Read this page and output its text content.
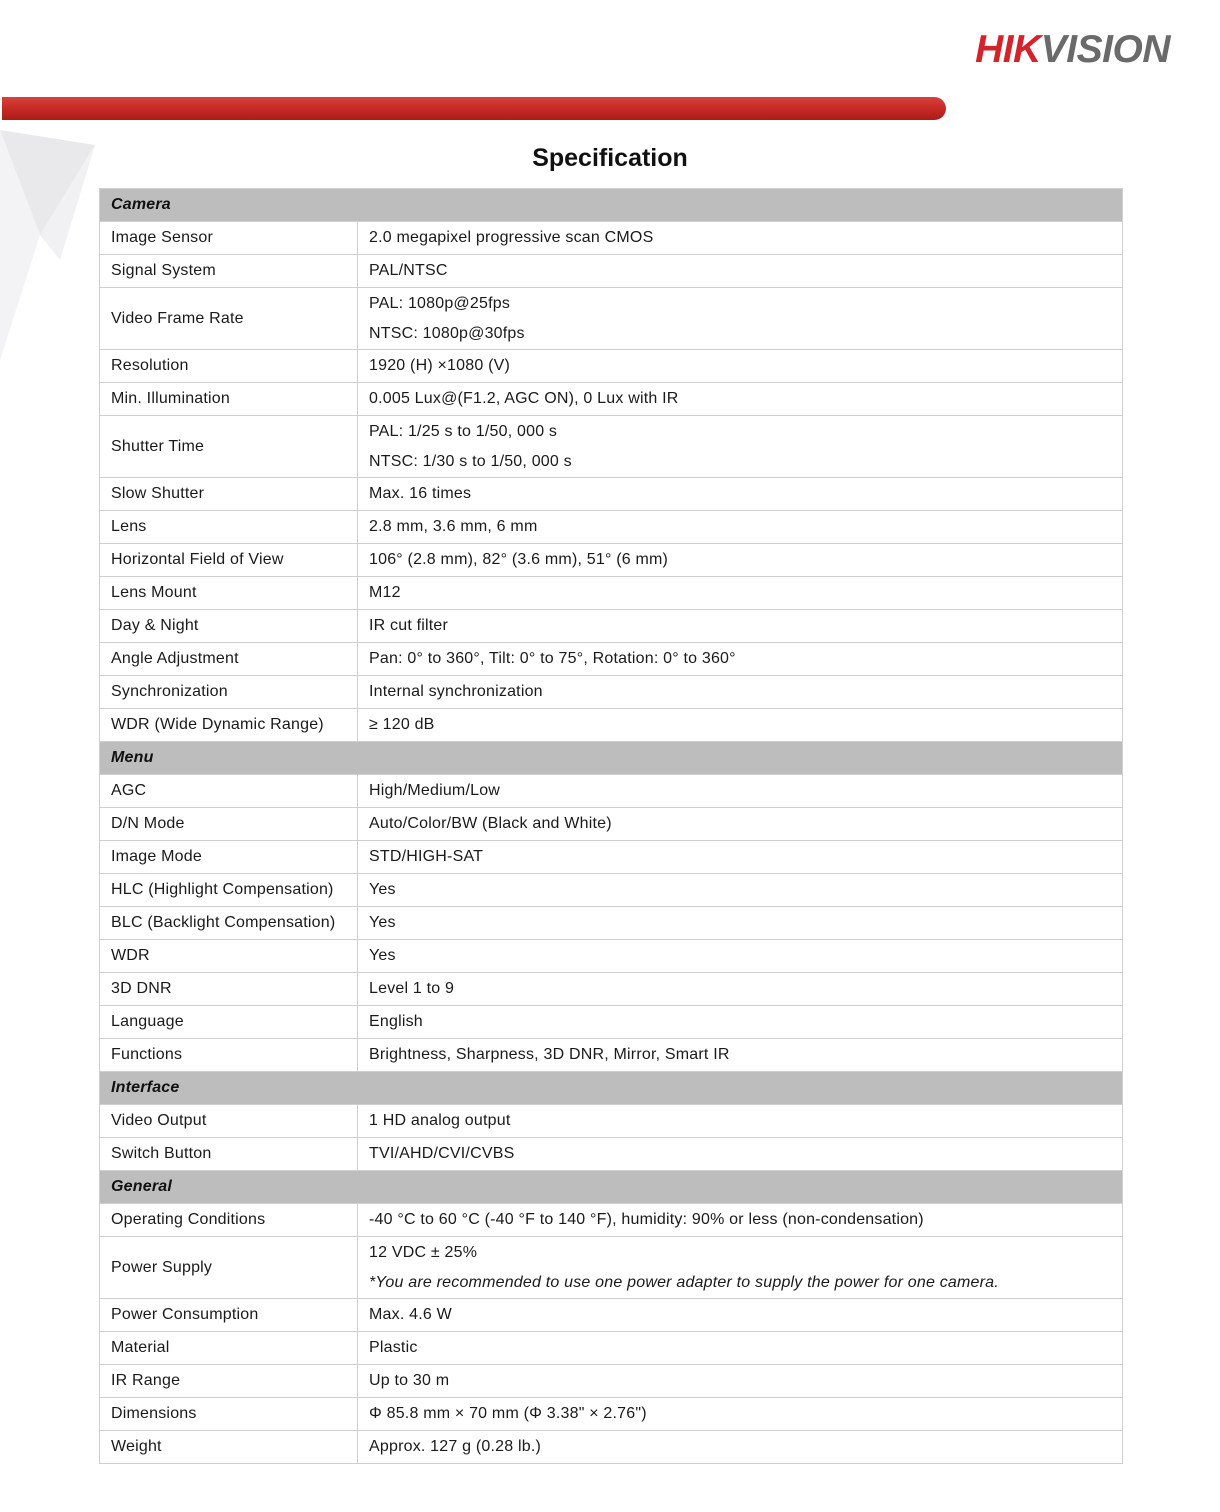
HIKVISION
Specification
Camera	
Image Sensor	2.0 megapixel progressive scan CMOS

Signal System	PAL/NTSC

Video Frame Rate	PAL: 1080p@25fps
NTSC: 1080p@30fps

Resolution	1920 (H) ×1080 (V)

Min. Illumination	0.005 Lux@(F1.2, AGC ON), 0 Lux with IR

Shutter Time	PAL: 1/25 s to 1/50, 000 s
NTSC: 1/30 s to 1/50, 000 s

Slow Shutter	Max. 16 times

Lens	2.8 mm, 3.6 mm, 6 mm

Horizontal Field of View	106° (2.8 mm), 82° (3.6 mm), 51° (6 mm)

Lens Mount	M12

Day & Night	IR cut filter

Angle Adjustment	Pan: 0° to 360°, Tilt: 0° to 75°, Rotation: 0° to 360°

Synchronization	Internal synchronization

WDR (Wide Dynamic Range)	≥ 120 dB

Menu	
AGC	High/Medium/Low

D/N Mode	Auto/Color/BW (Black and White)

Image Mode	STD/HIGH-SAT

HLC (Highlight Compensation)	Yes

BLC (Backlight Compensation)	Yes

WDR	Yes

3D DNR	Level 1 to 9

Language	English

Functions	Brightness, Sharpness, 3D DNR, Mirror, Smart IR

Interface	
Video Output	1 HD analog output

Switch Button	TVI/AHD/CVI/CVBS

General	
Operating Conditions	-40 °C to 60 °C (-40 °F to 140 °F), humidity: 90% or less (non-condensation)

Power Supply	12 VDC ± 25%
*You are recommended to use one power adapter to supply the power for one camera.

Power Consumption	Max. 4.6 W

Material	Plastic

IR Range	Up to 30 m

Dimensions	Φ 85.8 mm × 70 mm (Φ 3.38" × 2.76")

Weight	Approx. 127 g (0.28 lb.)
